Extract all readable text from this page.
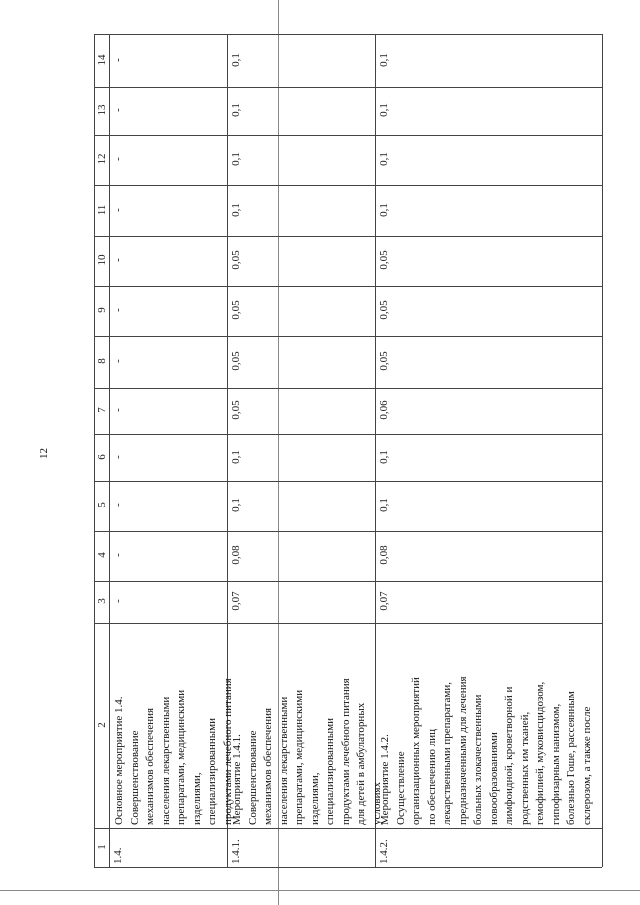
12
14
13
12
11
10
9
8
7
6
5
4
3
2
1
1.4.
Основное мероприятие 1.4.
Совершенствование
механизмов обеспечения
населения лекарственными
препаратами, медицинскими
изделиями,
специализированными
продуктами лечебного питания
-
-
-
-
-
-
-
-
-
-
-
-
1.4.1.
Мероприятие 1.4.1.
Совершенствование
механизмов обеспечения
населения лекарственными
препаратами, медицинскими
изделиями,
специализированными
продуктами лечебного питания
для детей в амбулаторных
условиях
0,07
0,08
0,1
0,1
0,05
0,05
0,05
0,05
0,1
0,1
0,1
0,1
1.4.2.
Мероприятие 1.4.2.
Осуществление
организационных мероприятий
по обеспечению лиц
лекарственными препаратами,
предназначенными для лечения
больных злокачественными
новообразованиями
лимфоидной, кроветворной и
родственных им тканей,
гемофилией, муковисцидозом,
гипофизарным нанизмом,
болезнью Гоше, рассеянным
склерозом, а также после
0,07
0,08
0,1
0,1
0,06
0,05
0,05
0,05
0,1
0,1
0,1
0,1
